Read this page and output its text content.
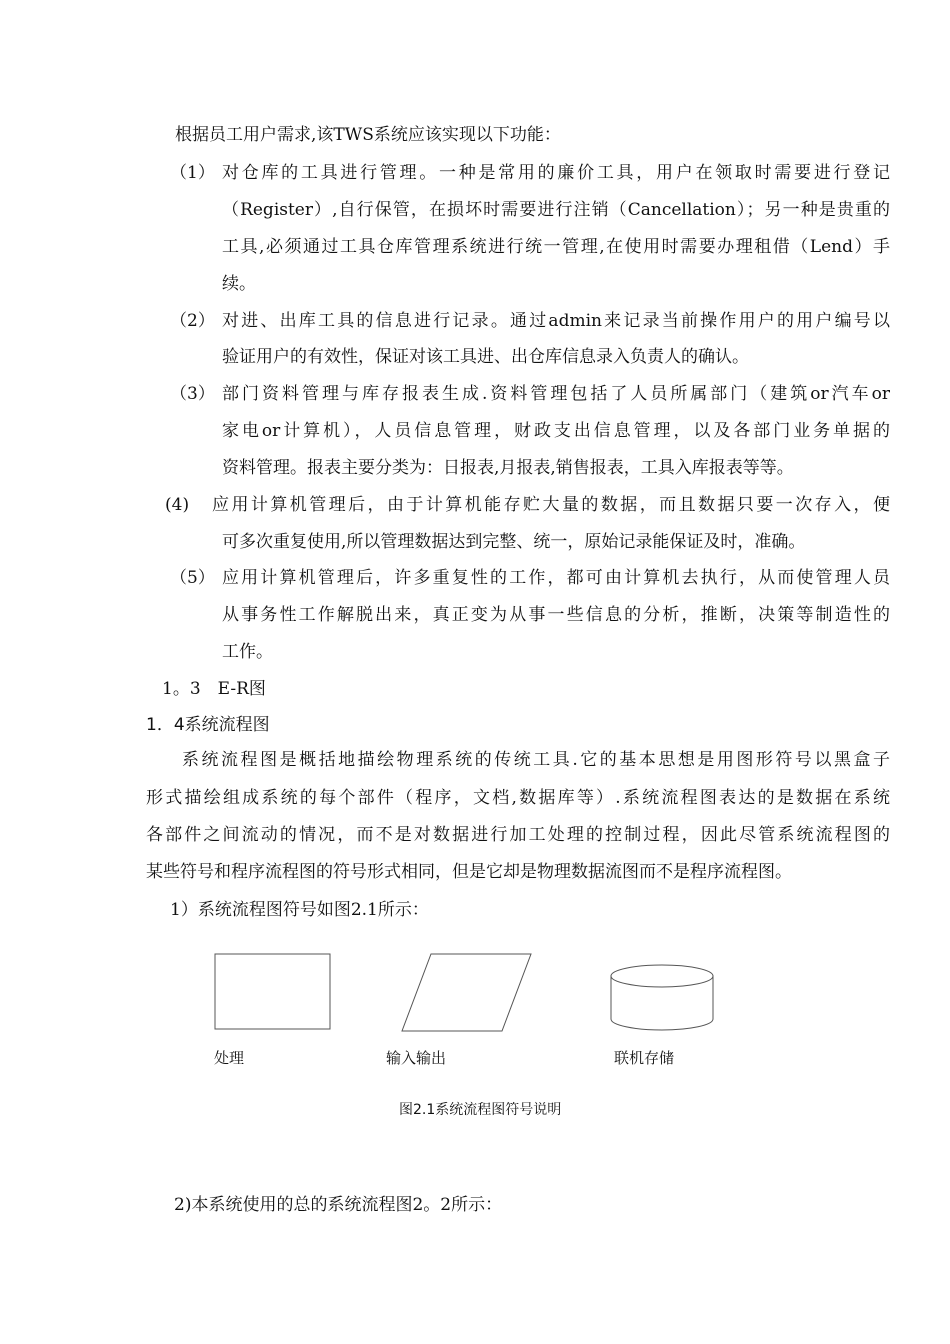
根据员工用户需求,该TWS系统应该实现以下功能：
（1） 对仓库的工具进行管理。一种是常用的廉价工具，用户在领取时需要进行登记
（Register）,自行保管，在损坏时需要进行注销（Cancellation）；另一种是贵重的
工具,必须通过工具仓库管理系统进行统一管理,在使用时需要办理租借（Lend）手
续。
（2） 对进、出库工具的信息进行记录。通过admin来记录当前操作用户的用户编号以
验证用户的有效性，保证对该工具进、出仓库信息录入负责人的确认。
（3） 部门资料管理与库存报表生成.资料管理包括了人员所属部门（建筑or汽车or
家电or计算机），人员信息管理，财政支出信息管理，以及各部门业务单据的
资料管理。报表主要分类为：日报表,月报表,销售报表，工具入库报表等等。
(4) 应用计算机管理后，由于计算机能存贮大量的数据，而且数据只要一次存入，便
可多次重复使用,所以管理数据达到完整、统一，原始记录能保证及时，准确。
（5） 应用计算机管理后，许多重复性的工作，都可由计算机去执行，从而使管理人员
从事务性工作解脱出来，真正变为从事一些信息的分析，推断，决策等制造性的
工作。
1。3　E-R图
1．4系统流程图
系统流程图是概括地描绘物理系统的传统工具.它的基本思想是用图形符号以黑盒子
形式描绘组成系统的每个部件（程序，文档,数据库等）.系统流程图表达的是数据在系统
各部件之间流动的情况，而不是对数据进行加工处理的控制过程，因此尽管系统流程图的
某些符号和程序流程图的符号形式相同，但是它却是物理数据流图而不是程序流程图。
1）系统流程图符号如图2.1所示：
处理	输入输出	联机存储
图2.1系统流程图符号说明
2)本系统使用的总的系统流程图2。2所示：
